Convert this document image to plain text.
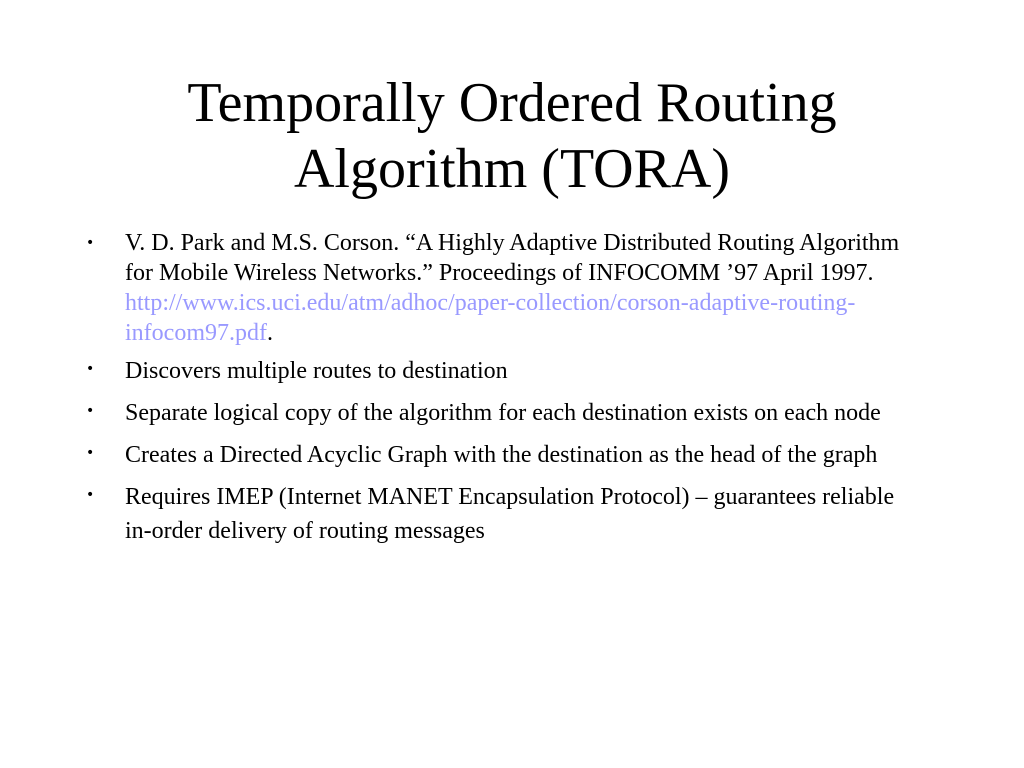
Temporally Ordered Routing
Algorithm (TORA)
• V. D. Park and M.S. Corson. “A Highly Adaptive Distributed Routing Algorithm for Mobile Wireless Networks.” Proceedings of INFOCOMM ’97 April 1997.
http://www.ics.uci.edu/atm/adhoc/paper-collection/corson-adaptive-routing-infocom97.pdf.
• Discovers multiple routes to destination
• Separate logical copy of the algorithm for each destination exists on each node
• Creates a Directed Acyclic Graph with the destination as the head of the graph
• Requires IMEP (Internet MANET Encapsulation Protocol) – guarantees reliable in-order delivery of routing messages
